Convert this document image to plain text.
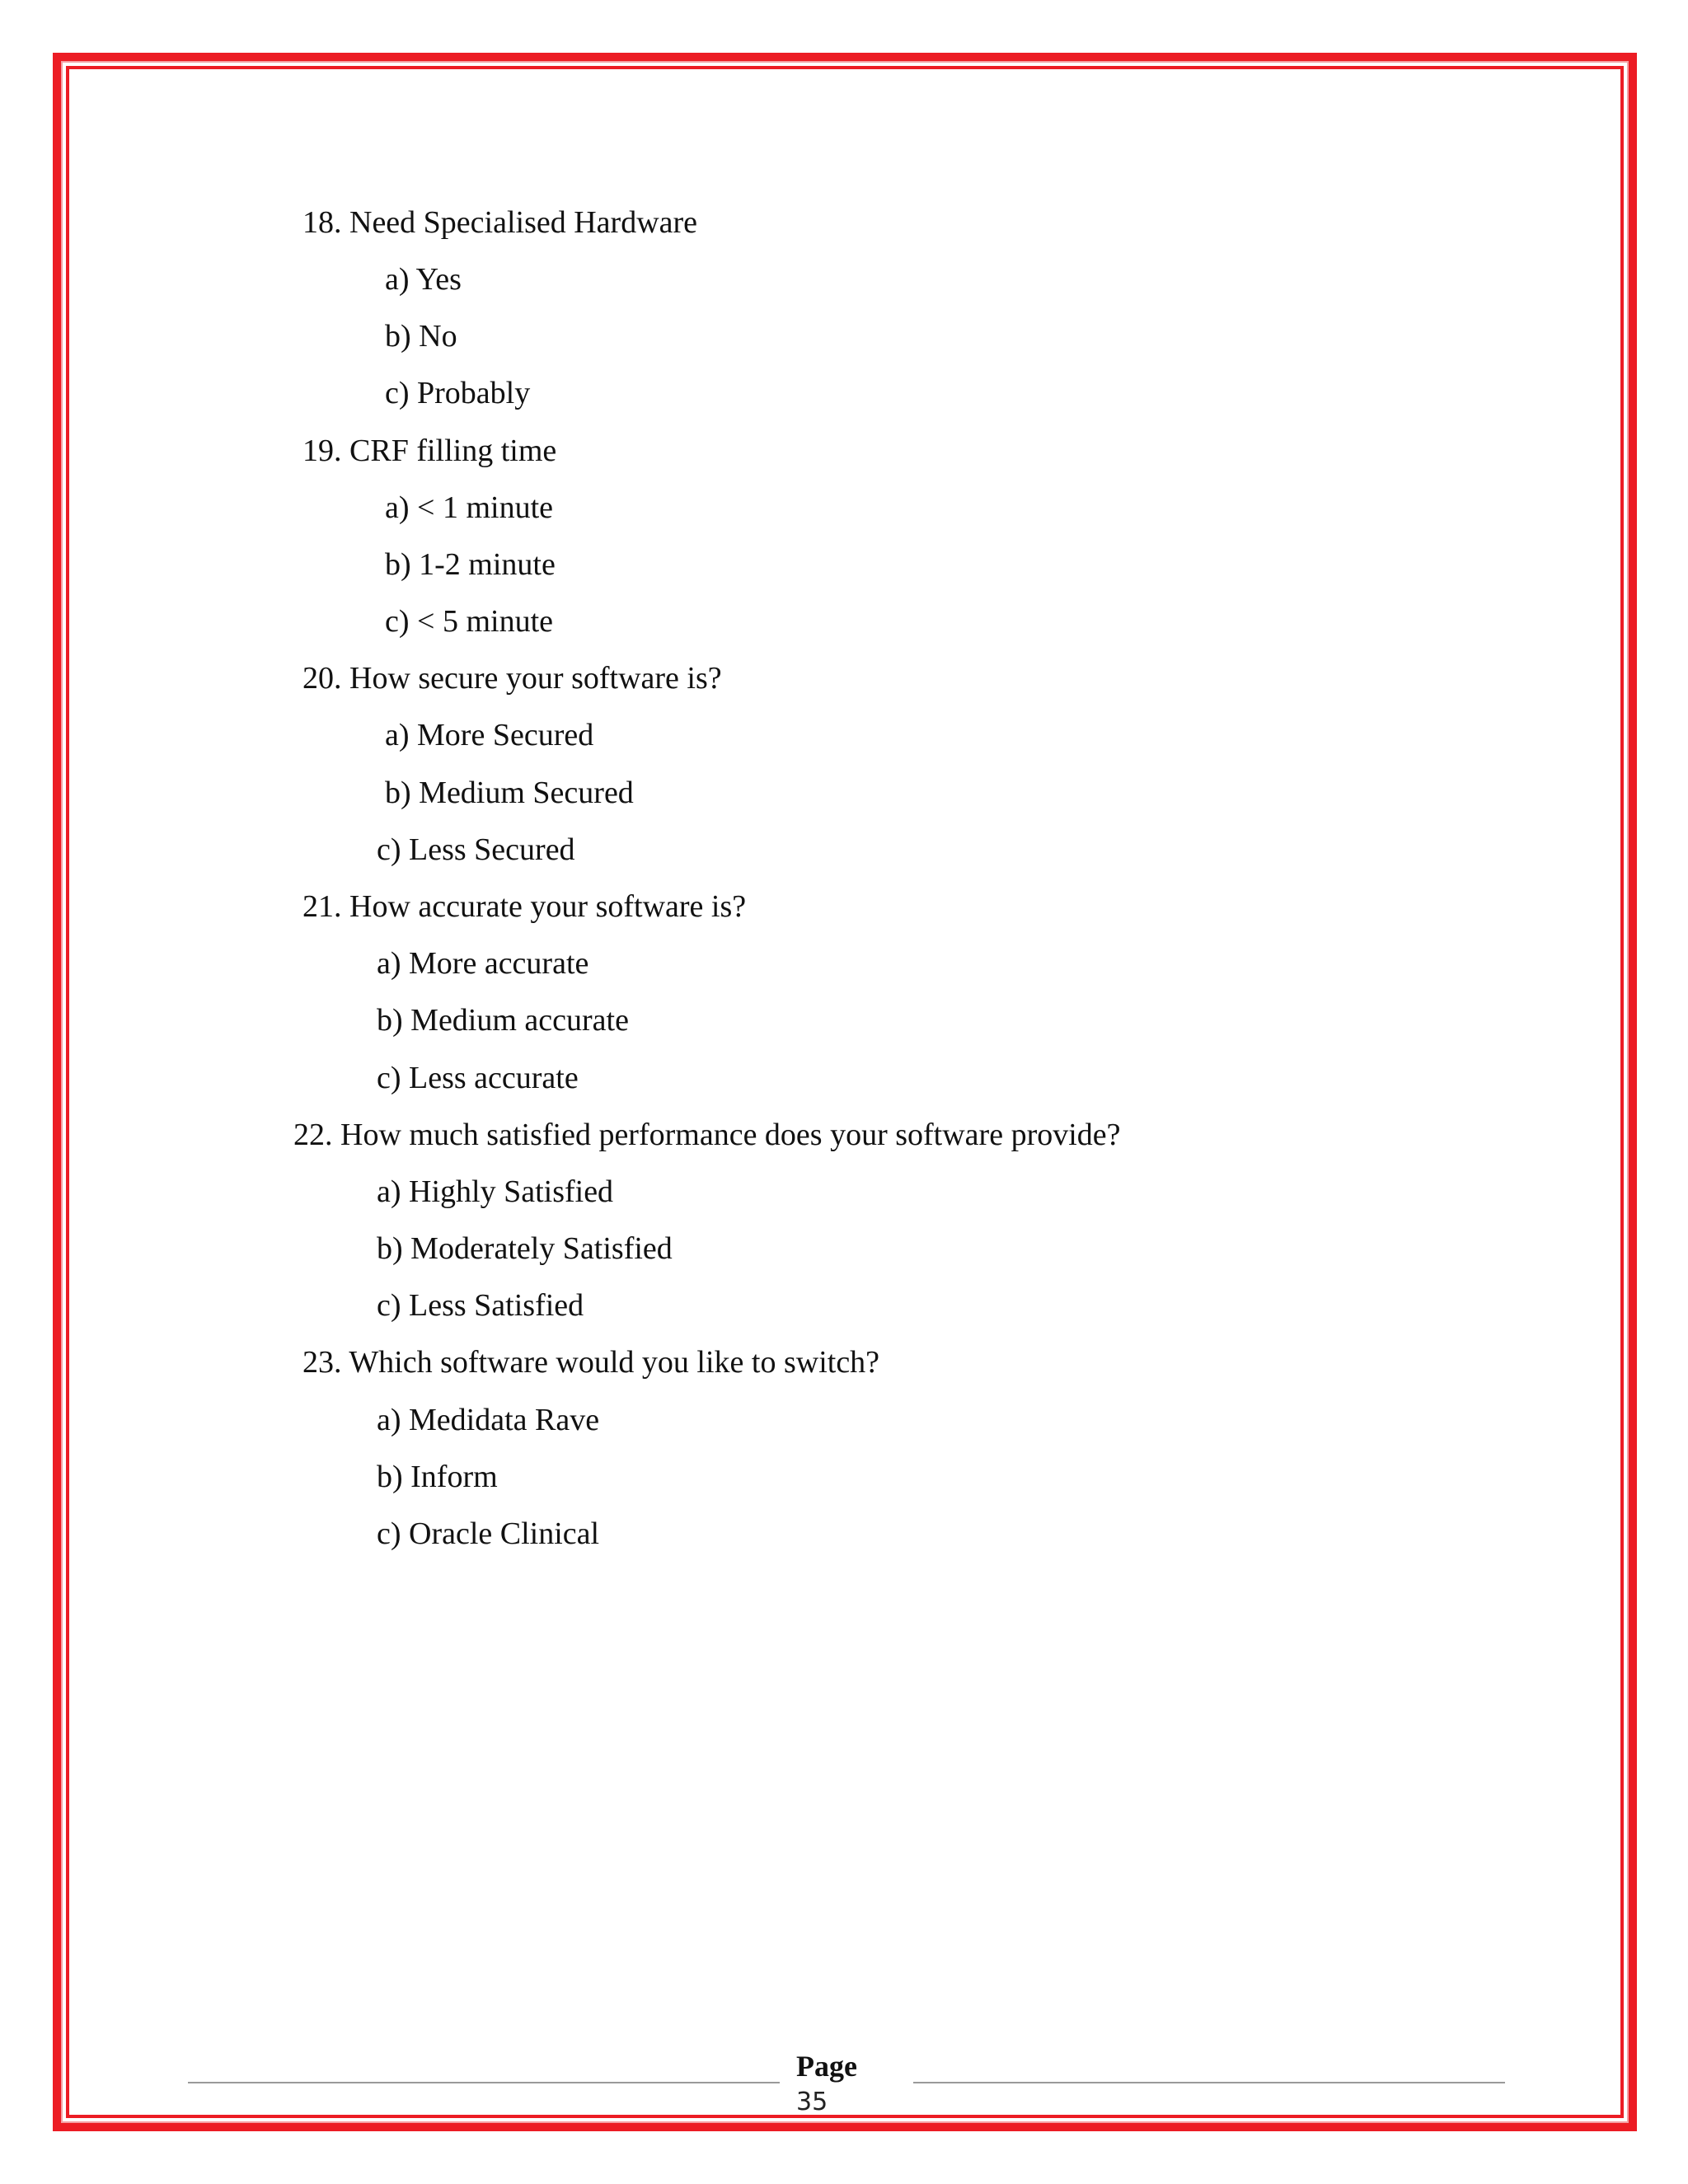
18. Need Specialised Hardware
a) Yes
b) No
c) Probably
19. CRF filling time
a) < 1 minute
b) 1-2 minute
c) < 5 minute
20. How secure your software is?
a) More Secured
b) Medium Secured
c) Less Secured
21. How accurate your software is?
a) More accurate
b) Medium accurate
c) Less accurate
22. How much satisfied performance does your software provide?
a) Highly Satisfied
b) Moderately Satisfied
c) Less Satisfied
23. Which software would you like to switch?
a) Medidata Rave
b) Inform
c) Oracle Clinical
Page
35
